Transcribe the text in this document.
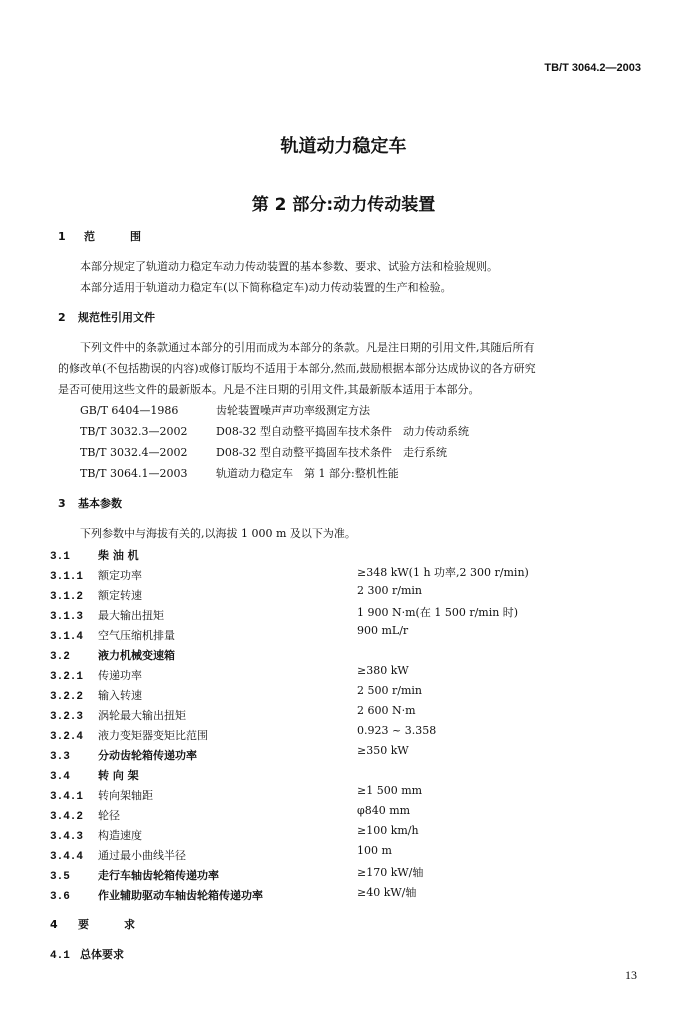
TB/T 3064.2—2003
轨道动力稳定车
第 2 部分:动力传动装置
1 范　围
本部分规定了轨道动力稳定车动力传动装置的基本参数、要求、试验方法和检验规则。
本部分适用于轨道动力稳定车(以下简称稳定车)动力传动装置的生产和检验。
2 规范性引用文件
下列文件中的条款通过本部分的引用而成为本部分的条款。凡是注日期的引用文件,其随后所有
的修改单(不包括勘误的内容)或修订版均不适用于本部分,然而,鼓励根据本部分达成协议的各方研究
是否可使用这些文件的最新版本。凡是不注日期的引用文件,其最新版本适用于本部分。
GB/T 6404—1986	齿轮装置噪声声功率级测定方法
TB/T 3032.3—2002	D08-32 型自动整平捣固车技术条件　动力传动系统
TB/T 3032.4—2002	D08-32 型自动整平捣固车技术条件　走行系统
TB/T 3064.1—2003	轨道动力稳定车　第 1 部分:整机性能
3 基本参数
下列参数中与海拔有关的,以海拔 1 000 m 及以下为准。
3.1	柴 油 机
3.1.1 额定功率	≥348 kW(1 h 功率,2 300 r/min)
3.1.2 额定转速	2 300 r/min
3.1.3 最大输出扭矩	1 900 N·m(在 1 500 r/min 时)
3.1.4 空气压缩机排量	900 mL/r
3.2	液力机械变速箱
3.2.1 传递功率	≥380 kW
3.2.2 输入转速	2 500 r/min
3.2.3 涡轮最大输出扭矩	2 600 N·m
3.2.4 液力变矩器变矩比范围	0.923 ~ 3.358
3.3	分动齿轮箱传递功率	≥350 kW
3.4	转 向 架
3.4.1 转向架轴距	≥1 500 mm
3.4.2 轮径	φ840 mm
3.4.3 构造速度	≥100 km/h
3.4.4 通过最小曲线半径	100 m
3.5	走行车轴齿轮箱传递功率	≥170 kW/轴
3.6	作业辅助驱动车轴齿轮箱传递功率	≥40 kW/轴
4 要　求
4.1 总体要求
13
